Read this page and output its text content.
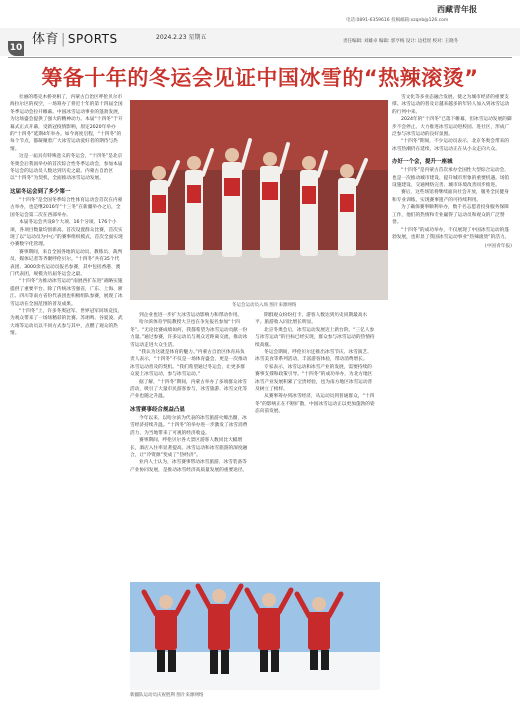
电话:0891-6359616 投稿邮箱:xzqnb@126.com
西藏青年报
10
体育 | SPORTS	2024.2.23 星期五
责任编辑: 刘雄卓 编辑: 郭亨梅 设计: 边桂瑶 校对: 王晓冬
筹备十年的冬运会见证中国冰雪的“热辣滚烫”

壮丽的塔克木桥亮相了，内蒙古自治区呼伦贝尔市海拉尔区的夜空，一场筹办了将近十年的第十四届全国冬季运动会拉开帷幕。中国冰雪运动事业的蓬勃发展，为这场盛会提供了强大的精神动力。本届“十四冬”于开幕式正式开幕，受新冠疫情影响，原定2020年举办的“十四冬”延期4年举办。如今再度启程，“十四冬”的每个节点，都凝聚着广大冰雪运动爱好者的期待与热情。

这是一届具有特殊意义的冬运会，“十四冬”是北京冬奥会后我国举办的首次综合性冬季运动会，参加本届冬运会的运动员人数达到历史之最。内蒙古自治区以“十四冬”为契机，全面推动冰雪运动发展。

这届冬运会到了多少第一

“十四冬”是全国冬季综合性体育运动会首次在内蒙古举办，也是继2016年“十三冬”在新疆举办之后，全国冬运会第二次在西部举办。

本届冬运会共设8个大项、16个分项、176个小项，各项目数量均创新高。首次设置群众比赛，首次实现了以“运动员为中心”的赛事组织模式，首次全面实现办赛数字化管理。

赛事期间，来自全国各地的运动员、教练员、裁判员、媒体记者等齐聚呼伦贝尔。“十四冬”共有35个代表团、3000余名运动员报名参赛，其中包括香港、澳门代表团，规模为历届冬运会之最。

“十四冬”为推动冰雪运动“南展西扩东进”战略实施提供了重要平台。除了传统冰雪强省，广东、上海、浙江、四川等南方省份代表团也积极组队参赛，展现了冰雪运动在全国范围的普及成果。

“十四冬”上，许多冬奥冠军、世界冠军同场竞技，为观众带来了一场场精彩的比赛。苏翊鸣、谷爱凌、武大靖等运动员以不同方式参与其中，点燃了观众的热情。

冬运会运动员入场 图片来源网络

到企业也进一步扩大冰雪运动影响力和带动作用。

哈尔滨体育学院教授大卫也在争先报名参加“十四冬”。“无论比赛成绩如何，我都希望为冰雪运动贡献一份力量。”通过参赛，许多运动员与观众近距离交流，推动冰雪运动走进大众生活。

“我认为这就是体育的魅力。”内蒙古自治区体育局负责人表示，“十四冬”不仅是一场体育盛会，更是一次推动冰雪运动普及的契机。“我们希望通过冬运会，让更多群众爱上冰雪运动，参与冰雪运动。”

据了解，“十四冬”期间，内蒙古举办了多项群众冰雪活动，吸引了大量市民游客参与，冰雪旅游、冰雪文化等产业也随之升温。

冰雪赛事经合规益凸显

今年以来，以哈尔滨为代表的冰雪旅游火爆出圈，冰雪经济持续升温。“十四冬”的举办进一步激发了冰雪消费活力，为当地带来了可观的经济收益。

赛事期间，呼伦贝尔各大景区游客人数同比大幅增长，酒店入住率显著提高。冰雪运动和冰雪旅游的深度融合，让“冷资源”变成了“热经济”。

业内人士认为，冰雪赛事带动冰雪旅游、冰雪装备等产业协同发展，是推动冰雪经济高质量发展的重要途径。

期群观众纷纷打卡，游客人数达到历史同期最高水平。旅游收入同比增长明显。

北京冬奥会后，冰雪运动发展迈上新台阶。“三亿人参与冰雪运动”的目标已经实现，群众参与冰雪运动的热情持续高涨。

冬运会期间，呼伦贝尔还推出冰雪节庆、冰雪演艺、冰雪美食等系列活动，丰富游客体验，带动消费增长。

专家表示，冰雪运动和冰雪产业的发展，需要持续的赛事支撑和政策引导。“十四冬”的成功举办，为北方地区冰雪产业发展积累了宝贵经验，也为南方地区冰雪运动普及树立了榜样。

从赛事筹办到冰雪经济，从运动员到普通群众，“十四冬”的影响正在不断扩散，中国冰雪运动正以更加蓬勃的姿态向前发展。

新疆队运动员庆祝胜利 图片来源网络

雪文化等多业态融合发展，使之为城市经济的重要支撑。冰雪运动的普及让越来越多的年轻人加入到冰雪运动的行列中来。

2024年的“十四冬”已落下帷幕，但冰雪运动发展的脚步不会停止。大力推进冰雪运动进校园、进社区，形成广泛参与冰雪运动的良好氛围。

“十四冬”期间，不少运动员表示，北京冬奥会带来的冰雪热潮仍在延续，冰雪运动正在从小众走向大众。

办好一个会，提升一座城

“十四冬”是内蒙古首次承办全国性大型综合运动会，也是一次推动城市建设、提升城市形象的重要机遇。场馆设施建设、交通网络完善、城市环境改善同步推进。

赛后，这些场馆将继续面向社会开放，服务全民健身和专业训练，实现赛事遗产的可持续利用。

为了确保赛事顺利举办，数千名志愿者投身服务保障工作，他们的热情和专业赢得了运动员和观众的广泛赞誉。

“十四冬”的成功举办，不仅展现了中国冰雪运动的蓬勃发展，也彰显了我国冰雪运动事业“热辣滚烫”的活力。

(中国青年报)
